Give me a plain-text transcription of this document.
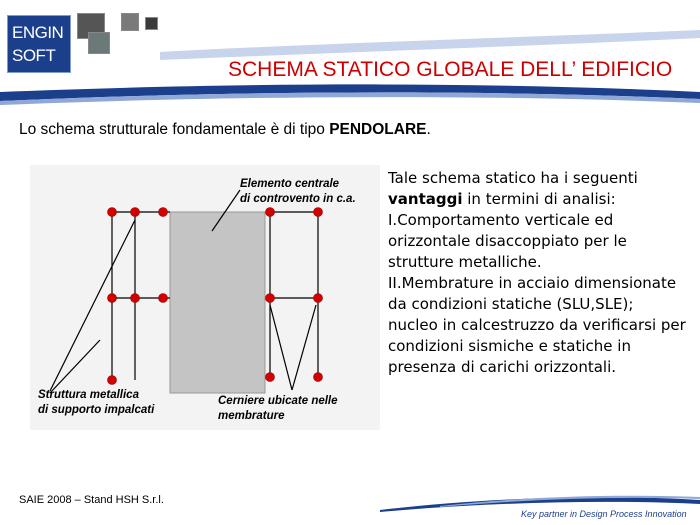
ENGIN
SOFT
SCHEMA STATICO GLOBALE DELL’ EDIFICIO
Lo schema strutturale fondamentale è di tipo PENDOLARE.
Elemento centrale
di controvento in c.a.
Struttura metallica
di supporto impalcati
Cerniere ubicate nelle
membrature

Tale schema statico ha i seguenti vantaggi in termini di analisi:

I.Comportamento verticale ed orizzontale disaccoppiato per le strutture metalliche.

II.Membrature in acciaio dimensionate da condizioni statiche (SLU,SLE); nucleo in calcestruzzo da verificarsi per condizioni sismiche e statiche in presenza di carichi orizzontali.

SAIE 2008 – Stand HSH S.r.l.
Key partner in Design Process Innovation
